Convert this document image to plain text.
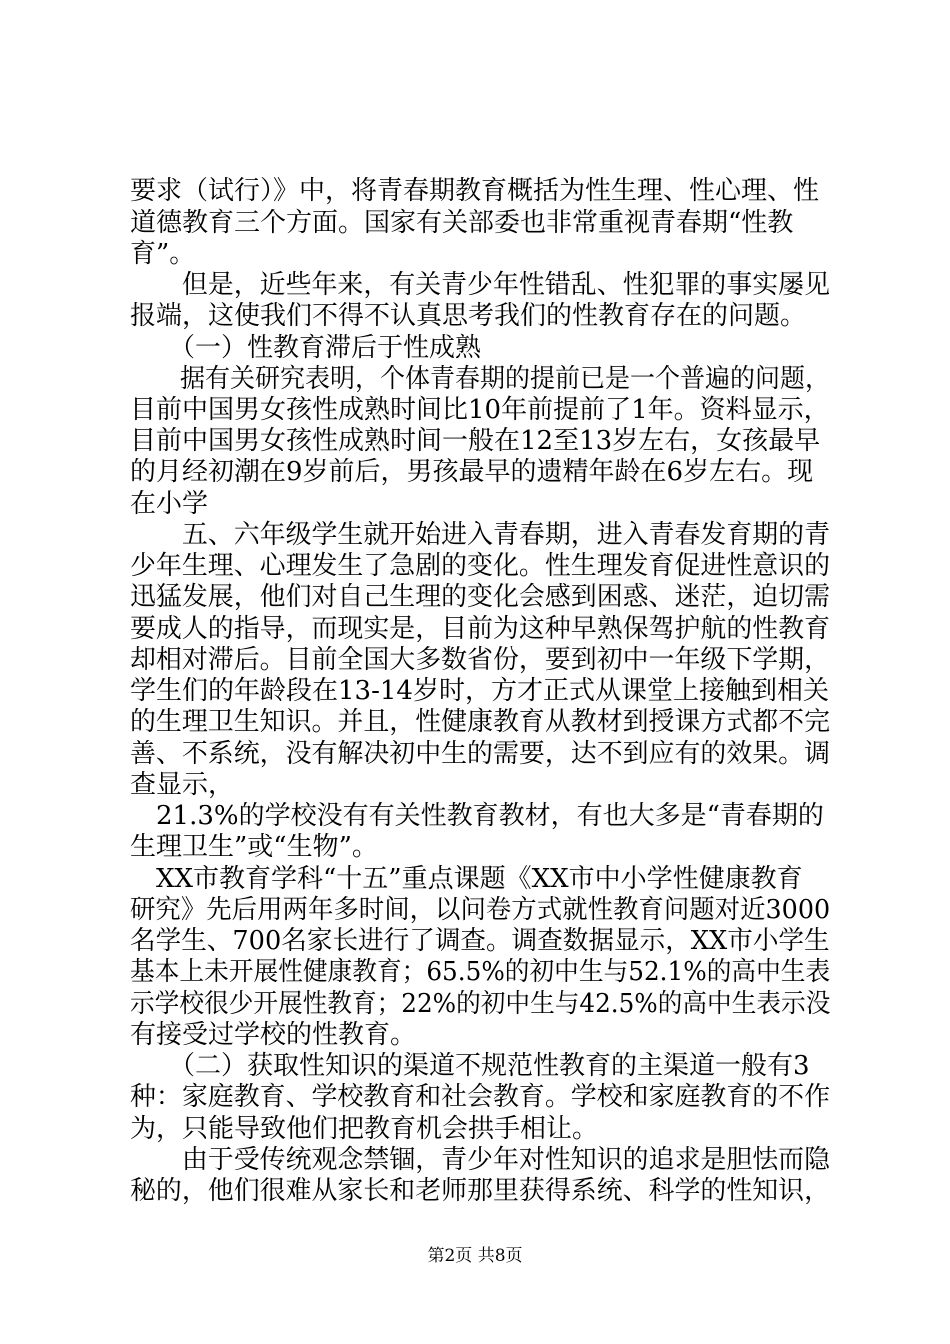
要求（试行）》中，将青春期教育概括为性生理、性心理、性
道德教育三个方面。国家有关部委也非常重视青春期“性教
育”。
　　但是，近些年来，有关青少年性错乱、性犯罪的事实屡见
报端，这使我们不得不认真思考我们的性教育存在的问题。
　　（一）性教育滞后于性成熟
　　据有关研究表明，个体青春期的提前已是一个普遍的问题，
目前中国男女孩性成熟时间比10年前提前了1年。资料显示，
目前中国男女孩性成熟时间一般在12至13岁左右，女孩最早
的月经初潮在9岁前后，男孩最早的遗精年龄在6岁左右。现
在小学
　　五、六年级学生就开始进入青春期，进入青春发育期的青
少年生理、心理发生了急剧的变化。性生理发育促进性意识的
迅猛发展，他们对自己生理的变化会感到困惑、迷茫，迫切需
要成人的指导，而现实是，目前为这种早熟保驾护航的性教育
却相对滞后。目前全国大多数省份，要到初中一年级下学期，
学生们的年龄段在13-14岁时，方才正式从课堂上接触到相关
的生理卫生知识。并且，性健康教育从教材到授课方式都不完
善、不系统，没有解决初中生的需要，达不到应有的效果。调
查显示，
　21.3%的学校没有有关性教育教材，有也大多是“青春期的
生理卫生”或“生物”。
　XX市教育学科“十五”重点课题《XX市中小学性健康教育
研究》先后用两年多时间，以问卷方式就性教育问题对近3000
名学生、700名家长进行了调查。调查数据显示，XX市小学生
基本上未开展性健康教育；65.5%的初中生与52.1%的高中生表
示学校很少开展性教育；22%的初中生与42.5%的高中生表示没
有接受过学校的性教育。
　　（二）获取性知识的渠道不规范性教育的主渠道一般有3
种：家庭教育、学校教育和社会教育。学校和家庭教育的不作
为，只能导致他们把教育机会拱手相让。
　　由于受传统观念禁锢，青少年对性知识的追求是胆怯而隐
秘的，他们很难从家长和老师那里获得系统、科学的性知识，
第2页 共8页
